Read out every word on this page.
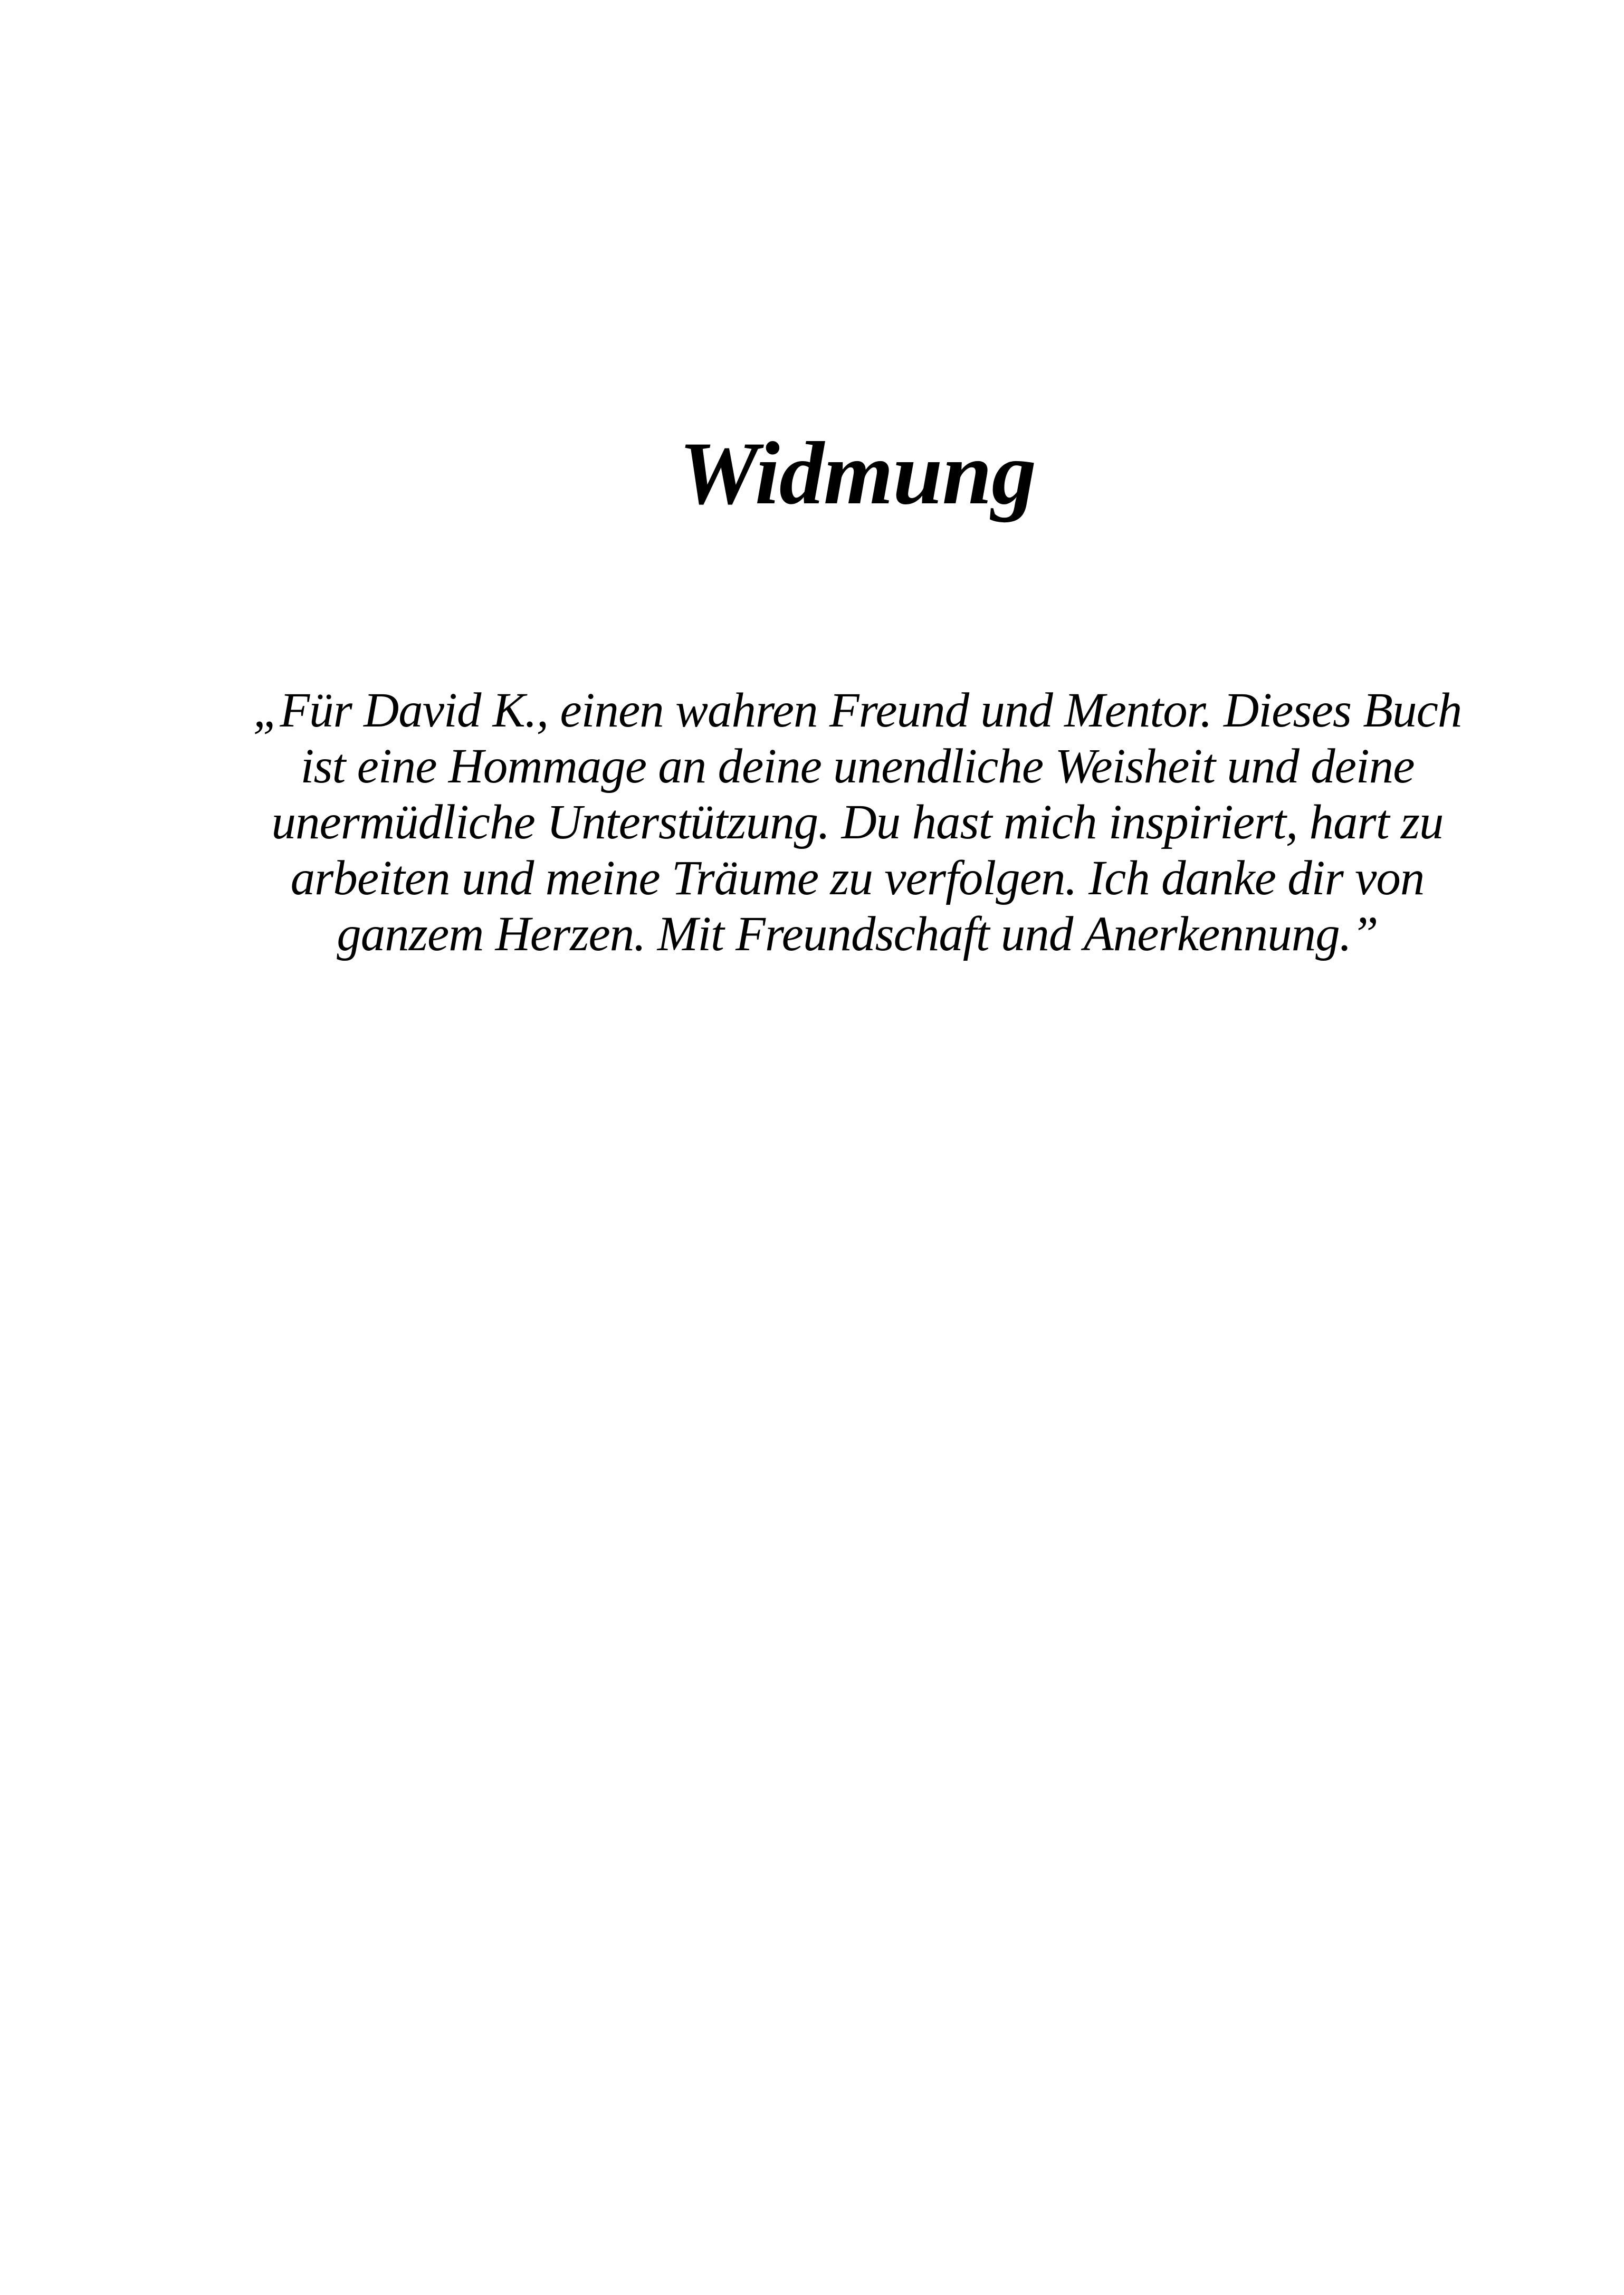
Widmung
„Für David K., einen wahren Freund und Mentor. Dieses Buch
ist eine Hommage an deine unendliche Weisheit und deine
unermüdliche Unterstützung. Du hast mich inspiriert, hart zu
arbeiten und meine Träume zu verfolgen. Ich danke dir von
ganzem Herzen. Mit Freundschaft und Anerkennung.”
